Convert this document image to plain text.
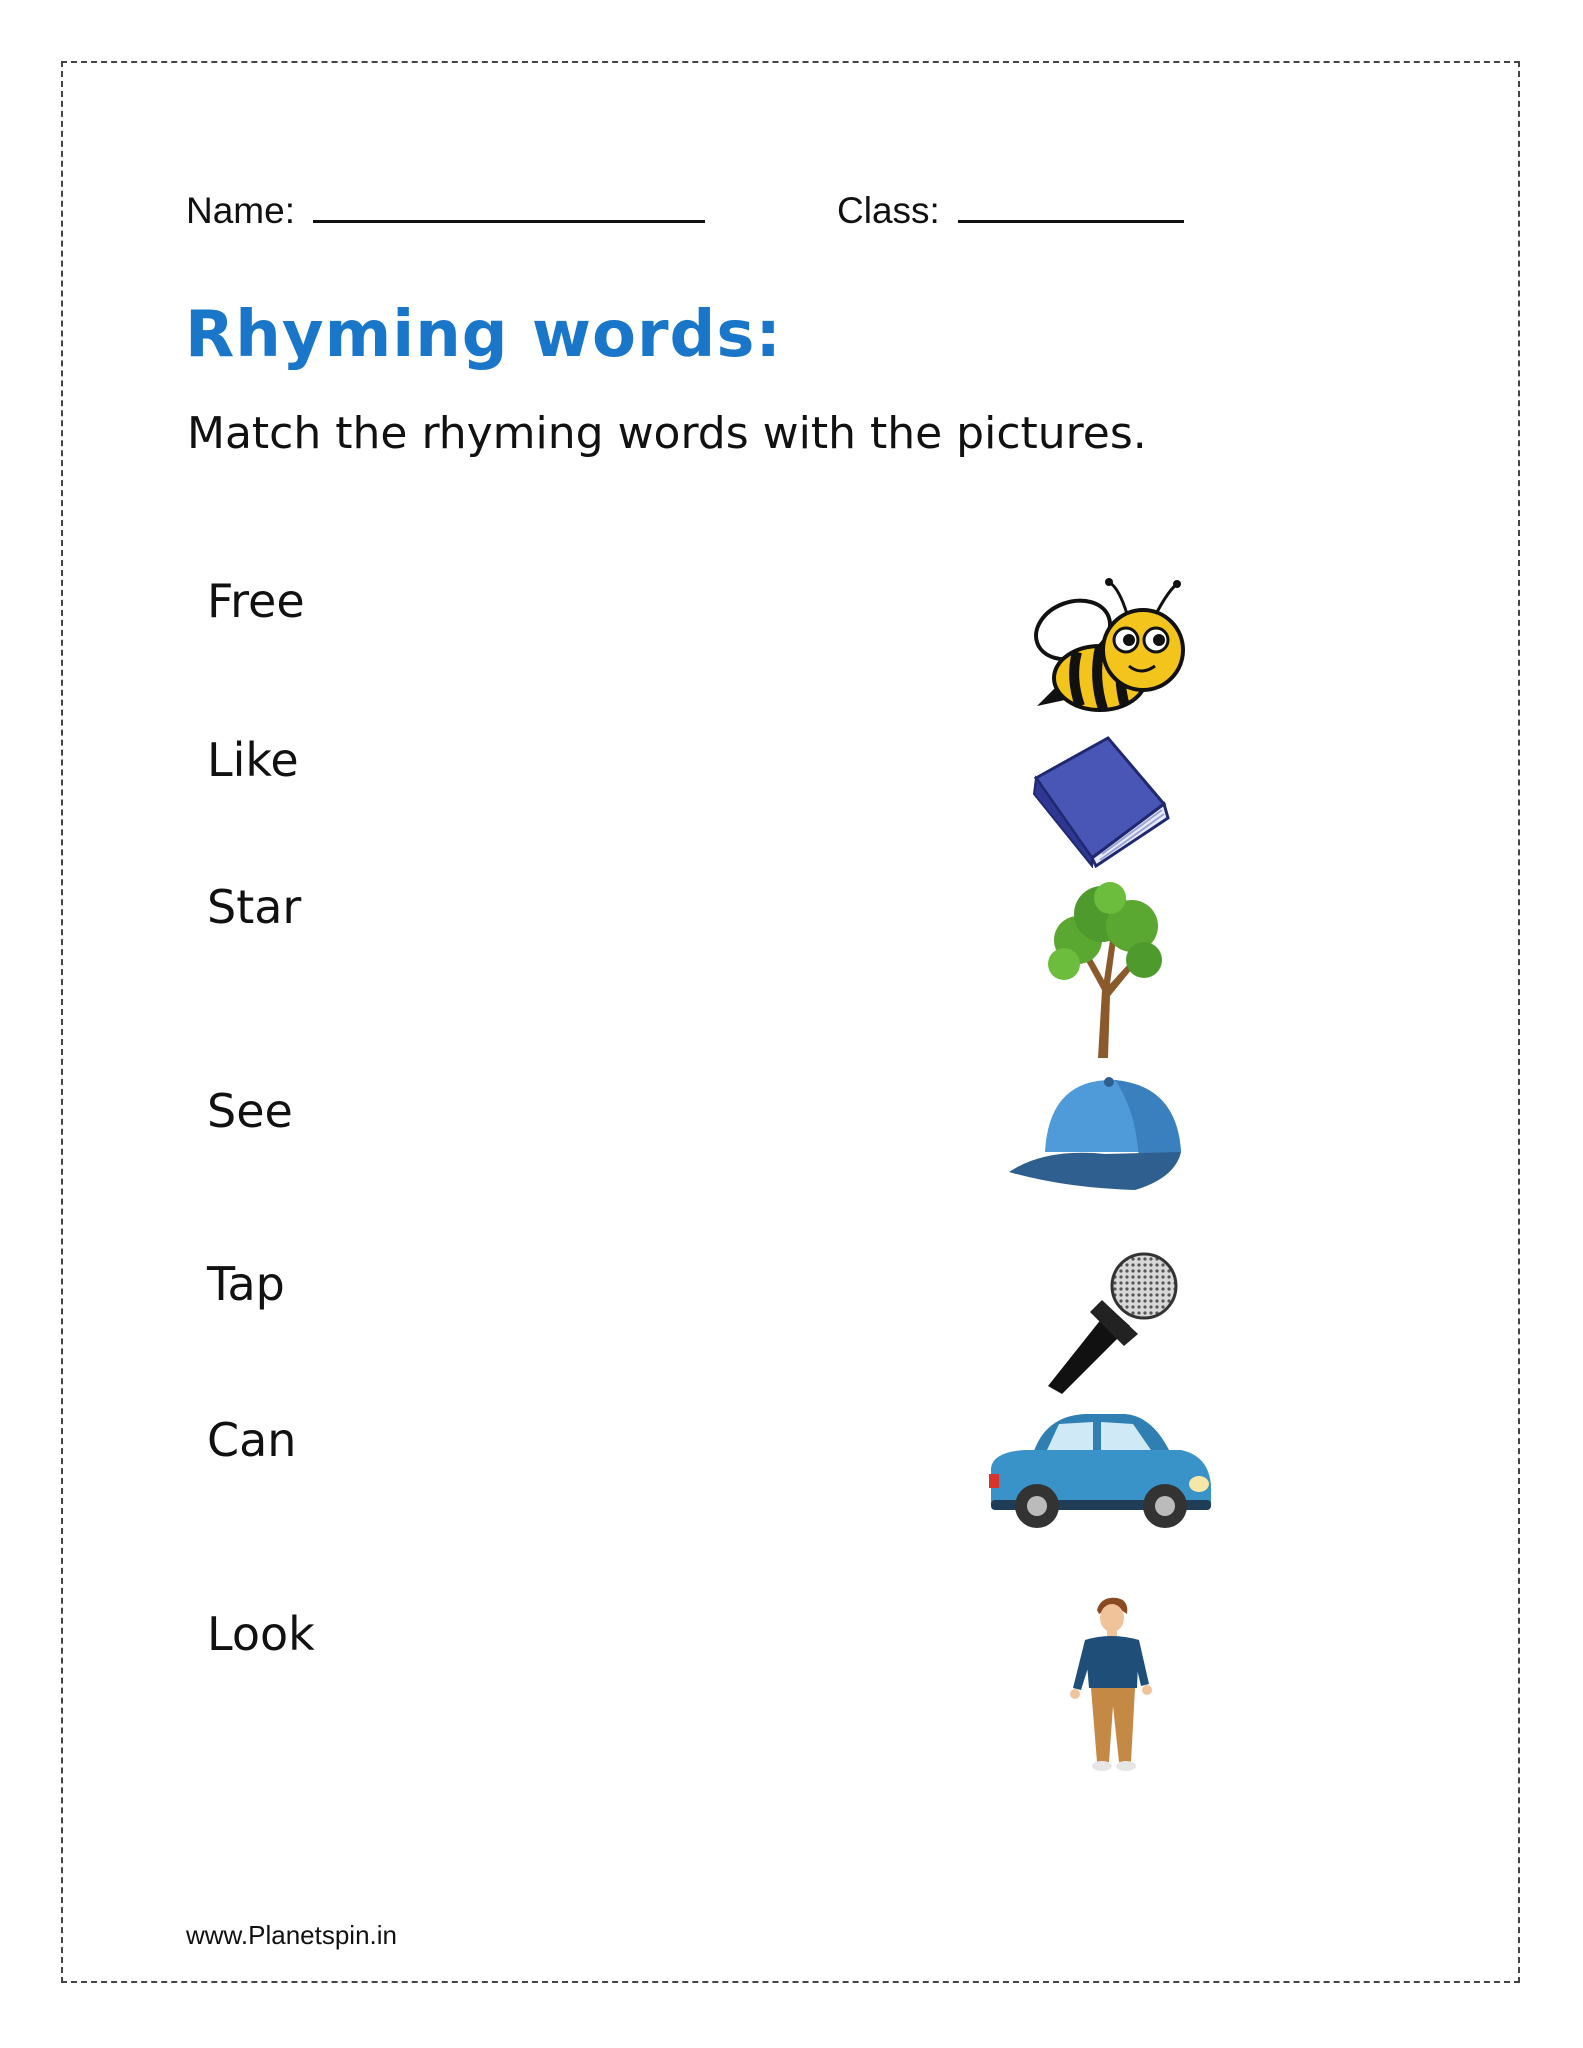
Name:	Class:
Rhyming words:
Match the rhyming words with the pictures.
Free
Like
Star
See
Tap
Can
Look
www.Planetspin.in
